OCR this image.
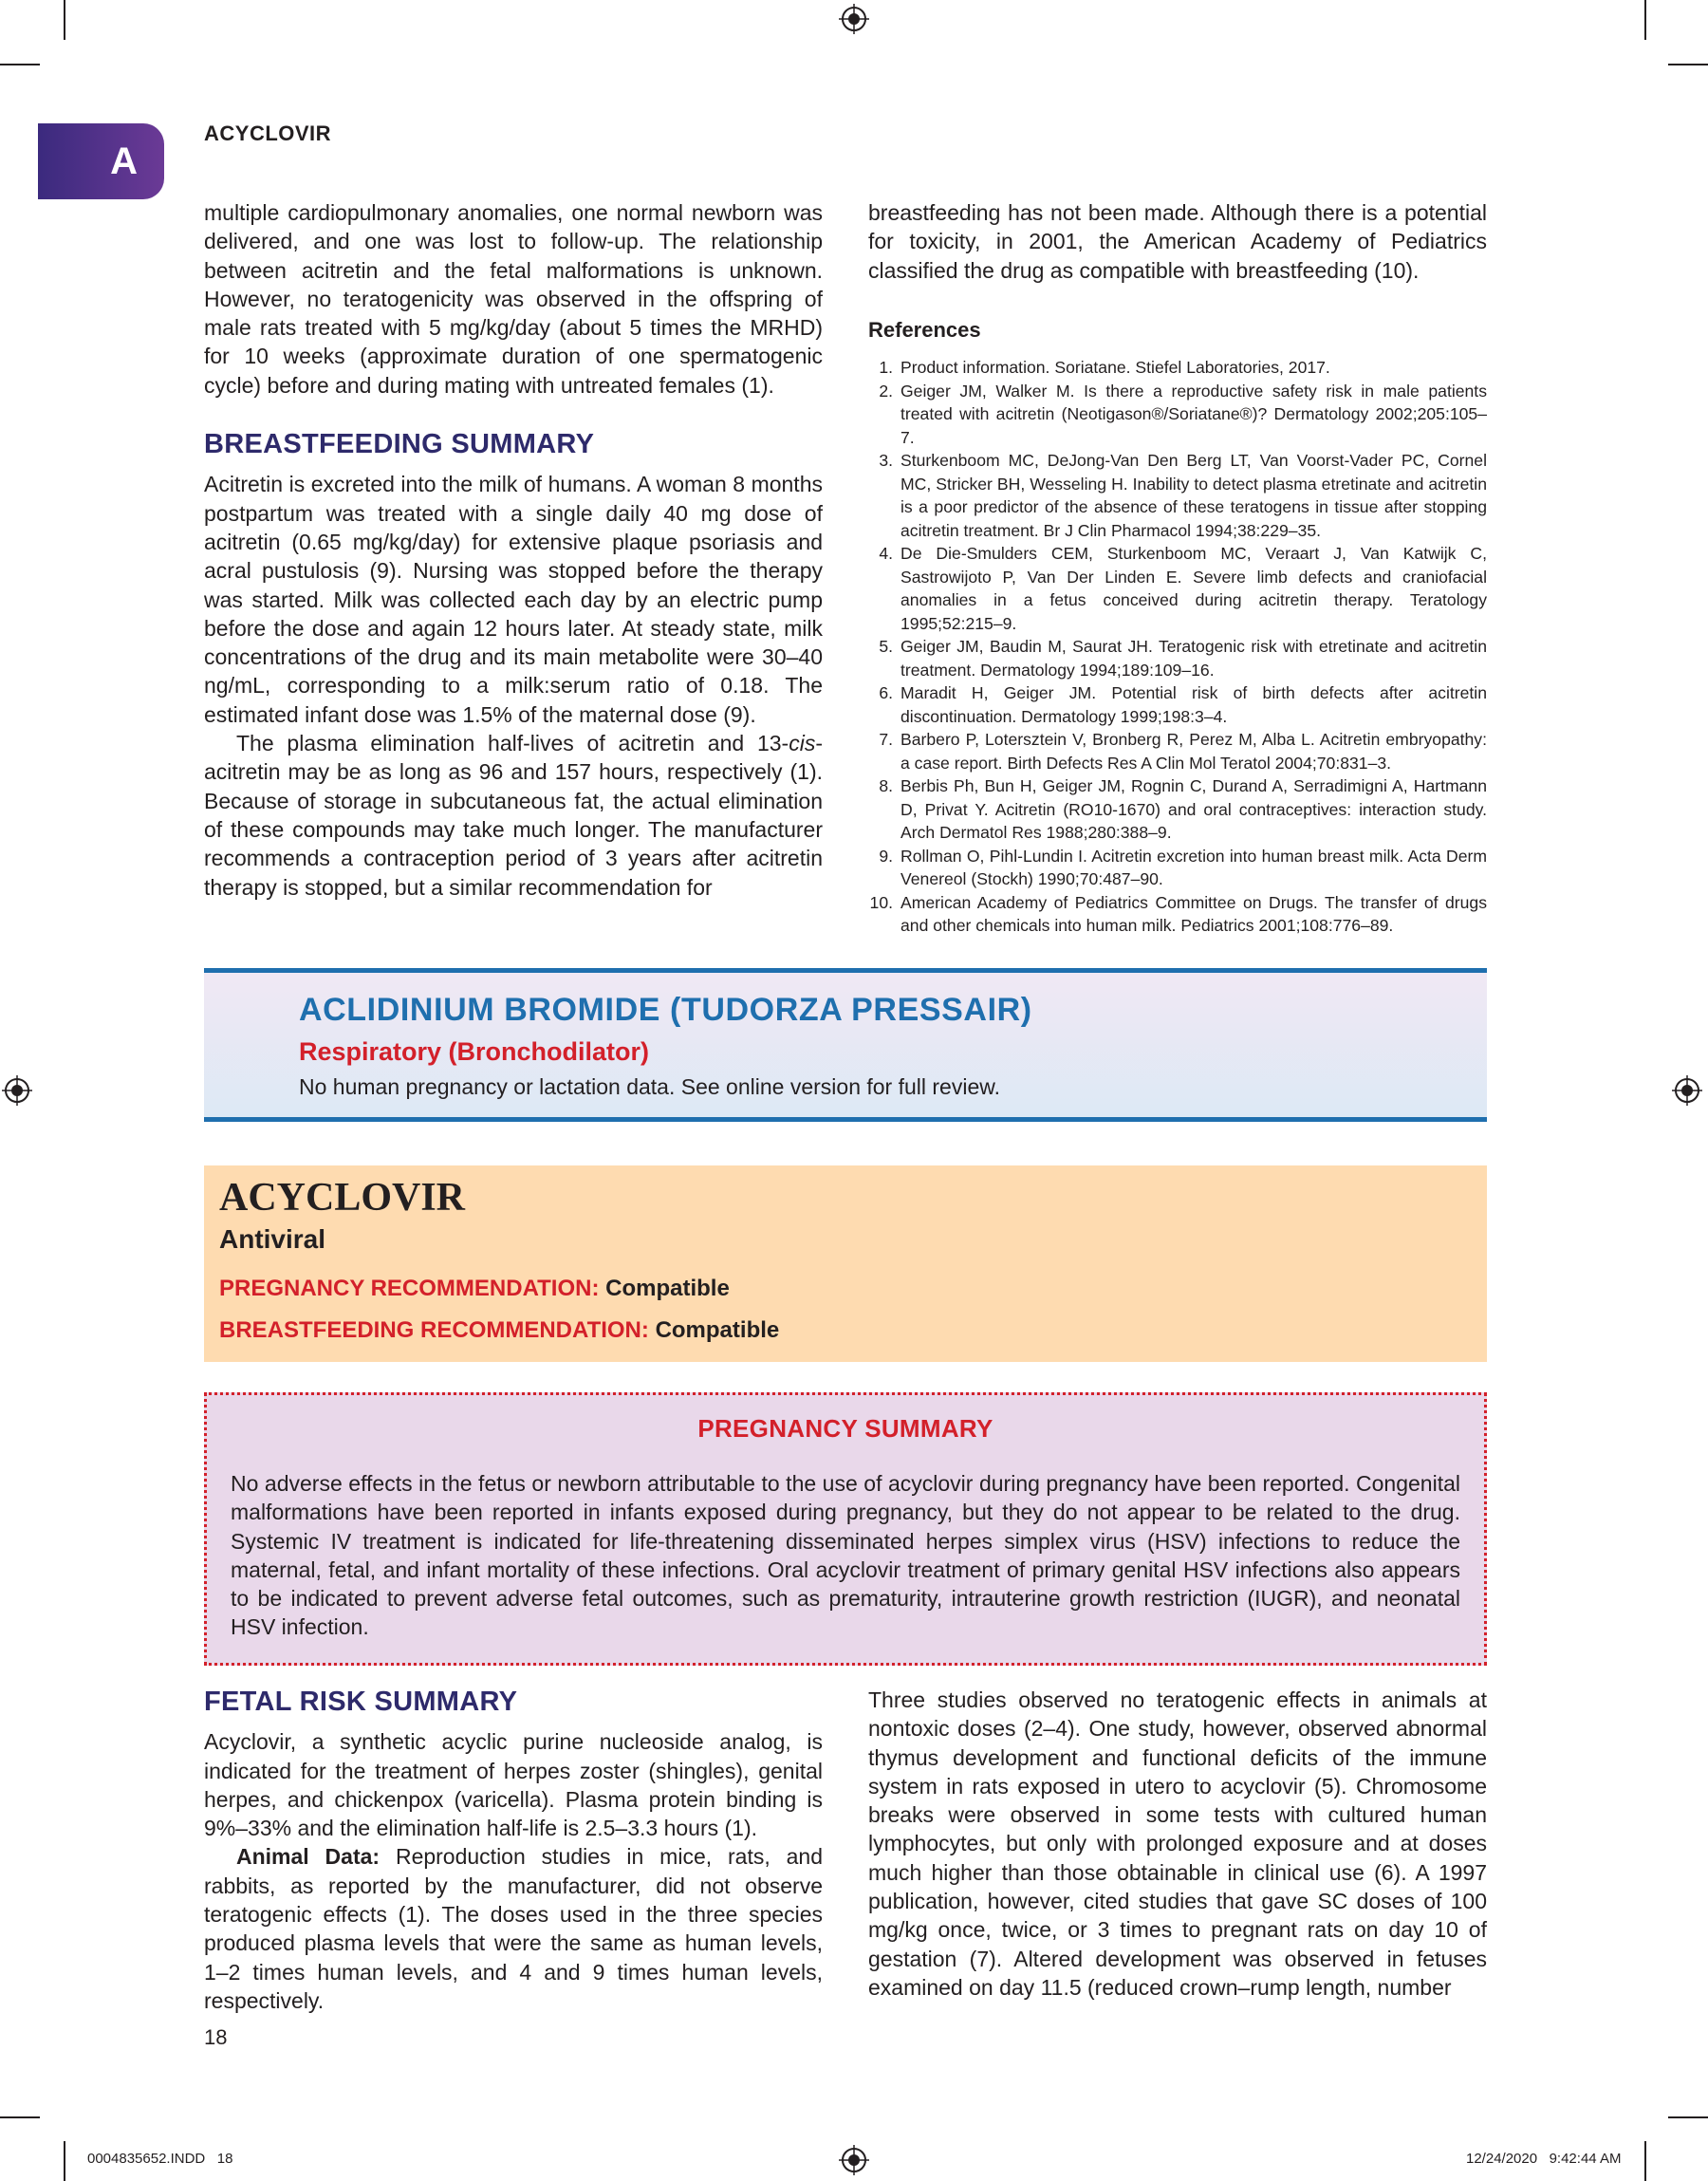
A
ACYCLOVIR

multiple cardiopulmonary anomalies, one normal newborn was delivered, and one was lost to follow-up. The relationship between acitretin and the fetal malformations is unknown. However, no teratogenicity was observed in the offspring of male rats treated with 5 mg/kg/day (about 5 times the MRHD) for 10 weeks (approximate duration of one spermatogenic cycle) before and during mating with untreated females (1).

BREASTFEEDING SUMMARY

Acitretin is excreted into the milk of humans. A woman 8 months postpartum was treated with a single daily 40 mg dose of acitretin (0.65 mg/kg/day) for extensive plaque psoriasis and acral pustulosis (9). Nursing was stopped before the therapy was started. Milk was collected each day by an electric pump before the dose and again 12 hours later. At steady state, milk concentrations of the drug and its main metabolite were 30–40 ng/mL, corresponding to a milk:serum ratio of 0.18. The estimated infant dose was 1.5% of the maternal dose (9).

The plasma elimination half-lives of acitretin and 13-cis-acitretin may be as long as 96 and 157 hours, respectively (1). Because of storage in subcutaneous fat, the actual elimination of these compounds may take much longer. The manufacturer recommends a contraception period of 3 years after acitretin therapy is stopped, but a similar recommendation for

breastfeeding has not been made. Although there is a potential for toxicity, in 2001, the American Academy of Pediatrics classified the drug as compatible with breastfeeding (10).

References
1. Product information. Soriatane. Stiefel Laboratories, 2017.
2. Geiger JM, Walker M. Is there a reproductive safety risk in male patients treated with acitretin (Neotigason®/Soriatane®)? Dermatology 2002;205:105–7.
3. Sturkenboom MC, DeJong-Van Den Berg LT, Van Voorst-Vader PC, Cornel MC, Stricker BH, Wesseling H. Inability to detect plasma etretinate and acitretin is a poor predictor of the absence of these teratogens in tissue after stopping acitretin treatment. Br J Clin Pharmacol 1994;38:229–35.
4. De Die-Smulders CEM, Sturkenboom MC, Veraart J, Van Katwijk C, Sastrowijoto P, Van Der Linden E. Severe limb defects and craniofacial anomalies in a fetus conceived during acitretin therapy. Teratology 1995;52:215–9.
5. Geiger JM, Baudin M, Saurat JH. Teratogenic risk with etretinate and acitretin treatment. Dermatology 1994;189:109–16.
6. Maradit H, Geiger JM. Potential risk of birth defects after acitretin discontinuation. Dermatology 1999;198:3–4.
7. Barbero P, Lotersztein V, Bronberg R, Perez M, Alba L. Acitretin embryopathy: a case report. Birth Defects Res A Clin Mol Teratol 2004;70:831–3.
8. Berbis Ph, Bun H, Geiger JM, Rognin C, Durand A, Serradimigni A, Hartmann D, Privat Y. Acitretin (RO10-1670) and oral contraceptives: interaction study. Arch Dermatol Res 1988;280:388–9.
9. Rollman O, Pihl-Lundin I. Acitretin excretion into human breast milk. Acta Derm Venereol (Stockh) 1990;70:487–90.
10. American Academy of Pediatrics Committee on Drugs. The transfer of drugs and other chemicals into human milk. Pediatrics 2001;108:776–89.
ACLIDINIUM BROMIDE (TUDORZA PRESSAIR)
Respiratory (Bronchodilator)
No human pregnancy or lactation data. See online version for full review.
ACYCLOVIR
Antiviral
PREGNANCY RECOMMENDATION: Compatible
BREASTFEEDING RECOMMENDATION: Compatible
PREGNANCY SUMMARY
No adverse effects in the fetus or newborn attributable to the use of acyclovir during pregnancy have been reported. Congenital malformations have been reported in infants exposed during pregnancy, but they do not appear to be related to the drug. Systemic IV treatment is indicated for life-threatening disseminated herpes simplex virus (HSV) infections to reduce the maternal, fetal, and infant mortality of these infections. Oral acyclovir treatment of primary genital HSV infections also appears to be indicated to prevent adverse fetal outcomes, such as prematurity, intrauterine growth restriction (IUGR), and neonatal HSV infection.
FETAL RISK SUMMARY

Acyclovir, a synthetic acyclic purine nucleoside analog, is indicated for the treatment of herpes zoster (shingles), genital herpes, and chickenpox (varicella). Plasma protein binding is 9%–33% and the elimination half-life is 2.5–3.3 hours (1).

Animal Data: Reproduction studies in mice, rats, and rabbits, as reported by the manufacturer, did not observe teratogenic effects (1). The doses used in the three species produced plasma levels that were the same as human levels, 1–2 times human levels, and 4 and 9 times human levels, respectively.

Three studies observed no teratogenic effects in animals at nontoxic doses (2–4). One study, however, observed abnormal thymus development and functional deficits of the immune system in rats exposed in utero to acyclovir (5). Chromosome breaks were observed in some tests with cultured human lymphocytes, but only with prolonged exposure and at doses much higher than those obtainable in clinical use (6). A 1997 publication, however, cited studies that gave SC doses of 100 mg/kg once, twice, or 3 times to pregnant rats on day 10 of gestation (7). Altered development was observed in fetuses examined on day 11.5 (reduced crown–rump length, number

18
0004835652.INDD   18	12/24/2020   9:42:44 AM
